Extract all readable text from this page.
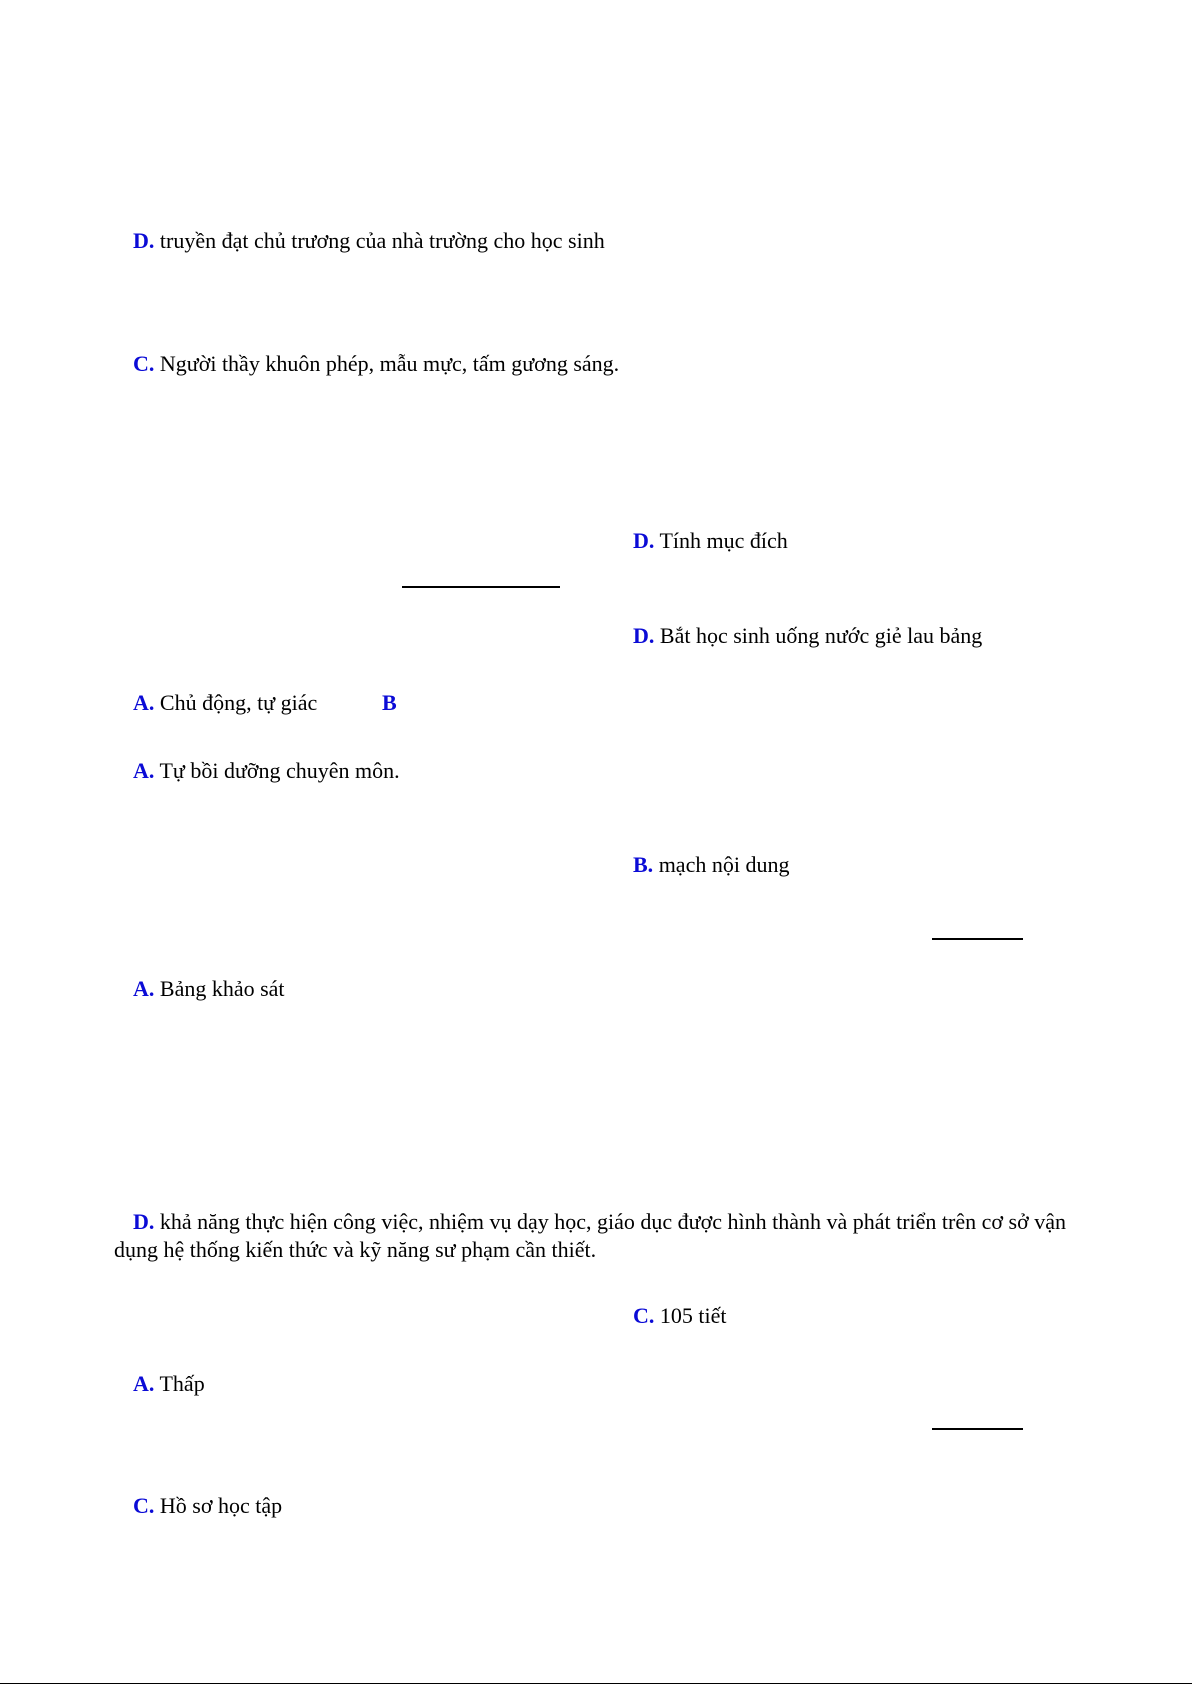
D. truyền đạt chủ trương của nhà trường cho học sinh
C. Người thầy khuôn phép, mẫu mực, tấm gương sáng.
D. Tính mục đích
D. Bắt học sinh uống nước giẻ lau bảng
A. Chủ động, tự giác	B
A. Tự bồi dưỡng chuyên môn.
B. mạch nội dung
A. Bảng khảo sát
D. khả năng thực hiện công việc, nhiệm vụ dạy học, giáo dục được hình thành và phát triển trên cơ sở vận dụng hệ thống kiến thức và kỹ năng sư phạm cần thiết.
C. 105 tiết
A. Thấp
C. Hồ sơ học tập
